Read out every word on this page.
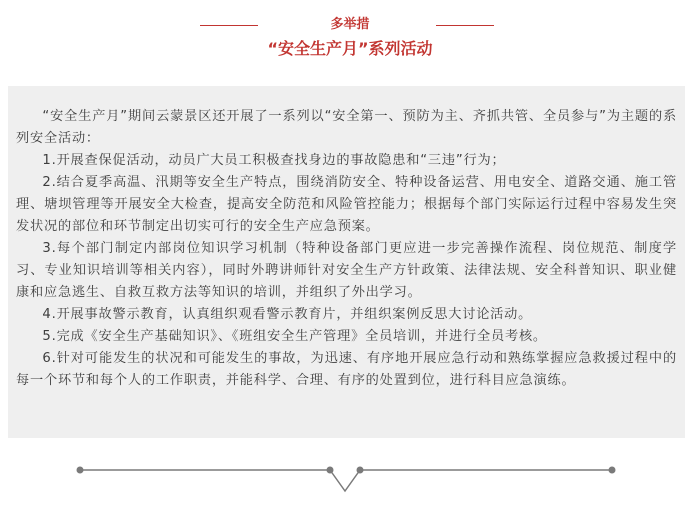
多举措
“安全生产月”系列活动

“安全生产月”期间云蒙景区还开展了一系列以“安全第一、预防为主、齐抓共管、全员参与”为主题的系列安全活动：

1.开展查保促活动，动员广大员工积极查找身边的事故隐患和“三违”行为；

2.结合夏季高温、汛期等安全生产特点，围绕消防安全、特种设备运营、用电安全、道路交通、施工管理、塘坝管理等开展安全大检查，提高安全防范和风险管控能力；根据每个部门实际运行过程中容易发生突发状况的部位和环节制定出切实可行的安全生产应急预案。

3.每个部门制定内部岗位知识学习机制（特种设备部门更应进一步完善操作流程、岗位规范、制度学习、专业知识培训等相关内容），同时外聘讲师针对安全生产方针政策、法律法规、安全科普知识、职业健康和应急逃生、自救互救方法等知识的培训，并组织了外出学习。

4.开展事故警示教育，认真组织观看警示教育片，并组织案例反思大讨论活动。

5.完成《安全生产基础知识》、《班组安全生产管理》全员培训，并进行全员考核。

6.针对可能发生的状况和可能发生的事故，为迅速、有序地开展应急行动和熟练掌握应急救援过程中的每一个环节和每个人的工作职责，并能科学、合理、有序的处置到位，进行科目应急演练。
